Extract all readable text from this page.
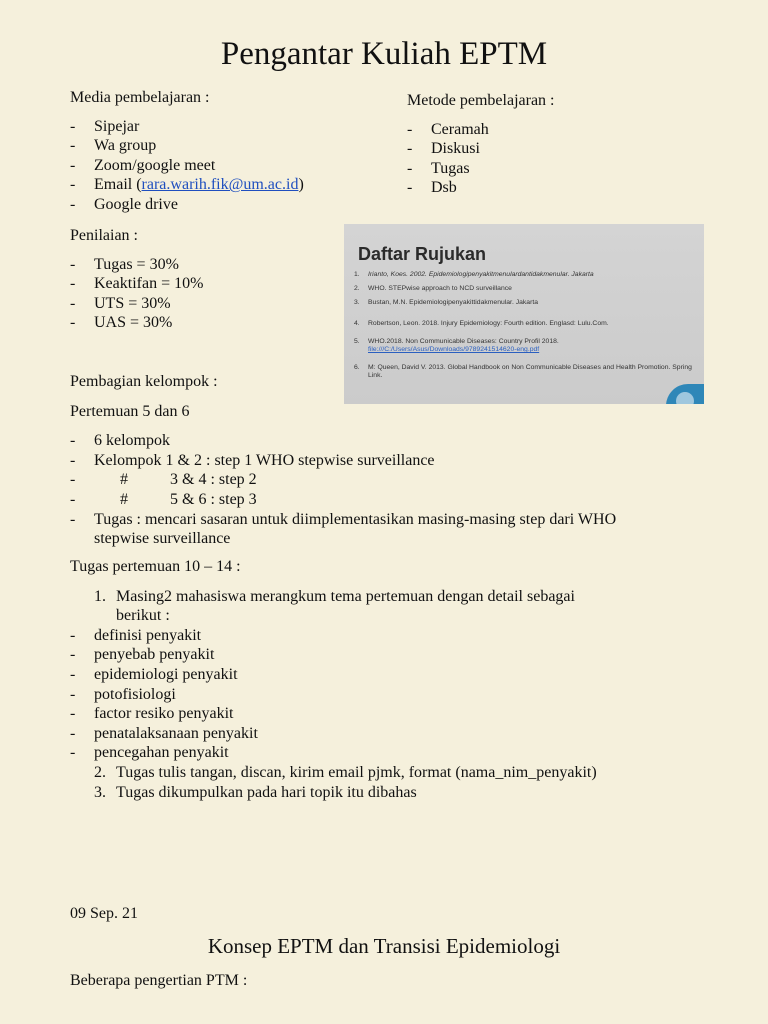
Pengantar Kuliah EPTM
Media pembelajaran :
- Sipejar
- Wa group
- Zoom/google meet
- Email (rara.warih.fik@um.ac.id)
- Google drive
Metode pembelajaran :
- Ceramah
- Diskusi
- Tugas
- Dsb
Penilaian :
- Tugas = 30%
- Keaktifan = 10%
- UTS = 30%
- UAS = 30%
Daftar Rujukan
1.	Irianto, Koes. 2002. Epidemiologipenyakitmenulardantidakmenular. Jakarta
2.	WHO. STEPwise approach to NCD surveillance
3.	Bustan, M.N. Epidemiologipenyakittidakmenular. Jakarta
4.	Robertson, Leon. 2018. Injury Epidemiology: Fourth edition. Englasd: Lulu.Com.
5.	WHO.2018. Non Communicable Diseases: Country Profil 2018.
file:///C:/Users/Asus/Downloads/9789241514620-eng.pdf
6.	M: Queen, David V. 2013. Global Handbook on Non Communicable Diseases and Health Promotion. Spring Link.
Pembagian kelompok :
Pertemuan 5 dan 6
- 6 kelompok
- Kelompok 1 & 2 : step 1 WHO stepwise surveillance
- #	3 & 4 : step 2
- #	5 & 6 : step 3
- Tugas : mencari sasaran untuk diimplementasikan masing-masing step dari WHO
stepwise surveillance
Tugas pertemuan 10 – 14 :
1. Masing2 mahasiswa merangkum tema pertemuan dengan detail sebagai
berikut :
- definisi penyakit
- penyebab penyakit
- epidemiologi penyakit
- potofisiologi
- factor resiko penyakit
- penatalaksanaan penyakit
- pencegahan penyakit
2. Tugas tulis tangan, discan, kirim email pjmk, format (nama_nim_penyakit)
3. Tugas dikumpulkan pada hari topik itu dibahas
09 Sep. 21
Konsep EPTM dan Transisi Epidemiologi
Beberapa pengertian PTM :
